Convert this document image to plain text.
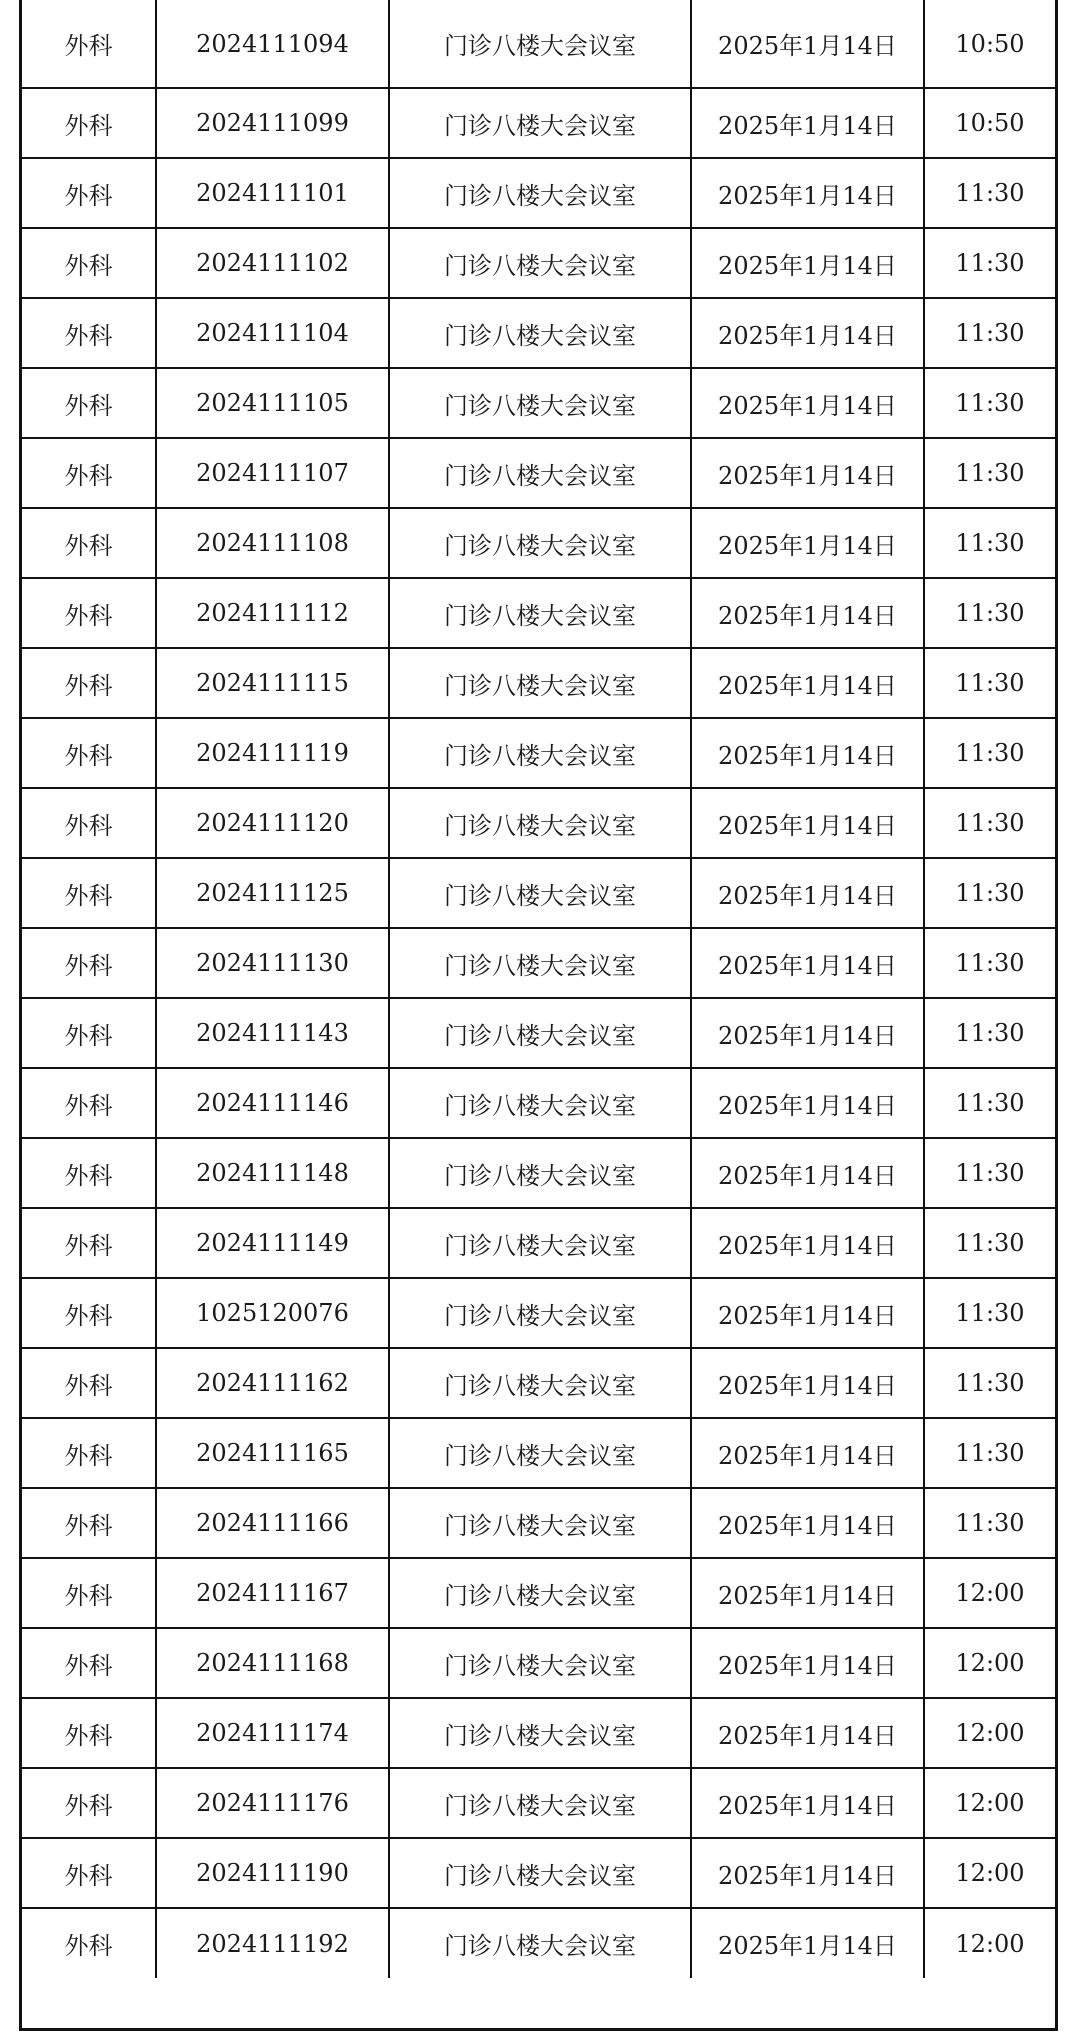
外科	2024111094	门诊八楼大会议室	2025年1月14日	10:50
外科	2024111099	门诊八楼大会议室	2025年1月14日	10:50
外科	2024111101	门诊八楼大会议室	2025年1月14日	11:30
外科	2024111102	门诊八楼大会议室	2025年1月14日	11:30
外科	2024111104	门诊八楼大会议室	2025年1月14日	11:30
外科	2024111105	门诊八楼大会议室	2025年1月14日	11:30
外科	2024111107	门诊八楼大会议室	2025年1月14日	11:30
外科	2024111108	门诊八楼大会议室	2025年1月14日	11:30
外科	2024111112	门诊八楼大会议室	2025年1月14日	11:30
外科	2024111115	门诊八楼大会议室	2025年1月14日	11:30
外科	2024111119	门诊八楼大会议室	2025年1月14日	11:30
外科	2024111120	门诊八楼大会议室	2025年1月14日	11:30
外科	2024111125	门诊八楼大会议室	2025年1月14日	11:30
外科	2024111130	门诊八楼大会议室	2025年1月14日	11:30
外科	2024111143	门诊八楼大会议室	2025年1月14日	11:30
外科	2024111146	门诊八楼大会议室	2025年1月14日	11:30
外科	2024111148	门诊八楼大会议室	2025年1月14日	11:30
外科	2024111149	门诊八楼大会议室	2025年1月14日	11:30
外科	1025120076	门诊八楼大会议室	2025年1月14日	11:30
外科	2024111162	门诊八楼大会议室	2025年1月14日	11:30
外科	2024111165	门诊八楼大会议室	2025年1月14日	11:30
外科	2024111166	门诊八楼大会议室	2025年1月14日	11:30
外科	2024111167	门诊八楼大会议室	2025年1月14日	12:00
外科	2024111168	门诊八楼大会议室	2025年1月14日	12:00
外科	2024111174	门诊八楼大会议室	2025年1月14日	12:00
外科	2024111176	门诊八楼大会议室	2025年1月14日	12:00
外科	2024111190	门诊八楼大会议室	2025年1月14日	12:00
外科	2024111192	门诊八楼大会议室	2025年1月14日	12:00
